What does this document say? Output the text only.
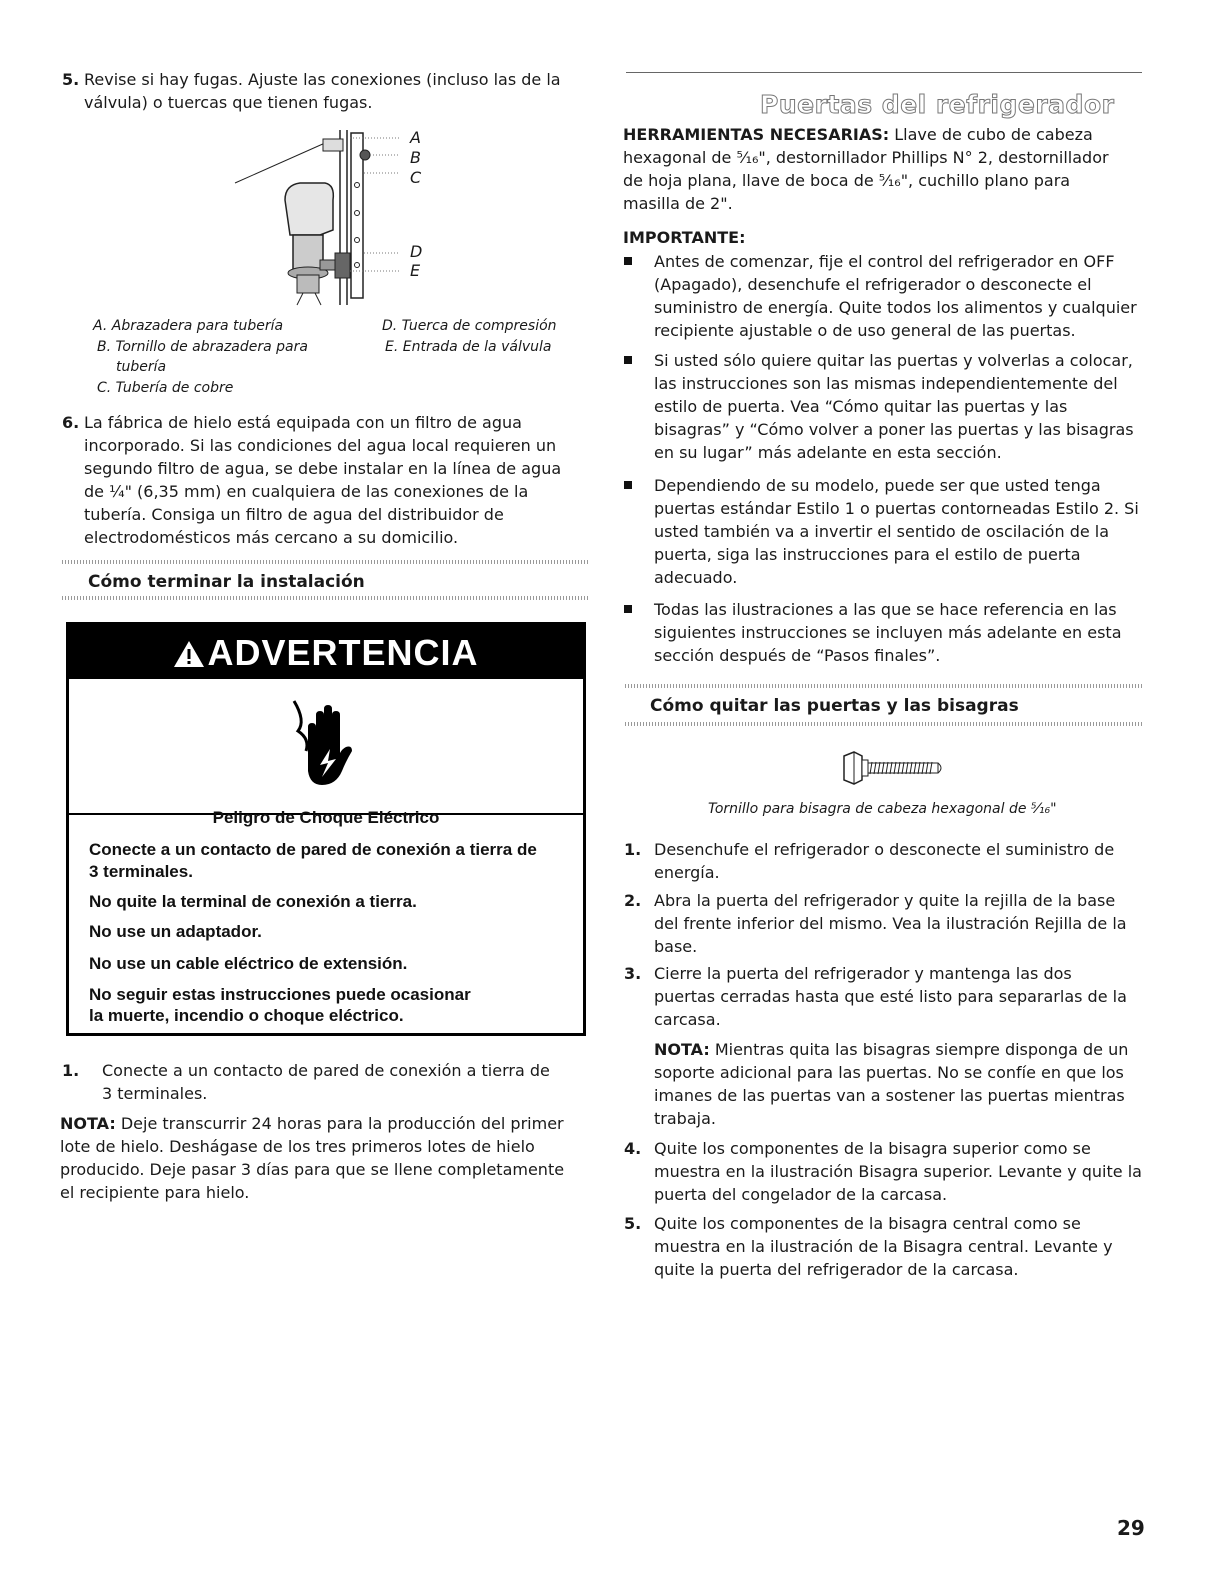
5. Revise si hay fugas. Ajuste las conexiones (incluso las de la
válvula) o tuercas que tienen fugas.
A
B
C
D
E
A. Abrazadera para tubería
B. Tornillo de abrazadera para
tubería
C. Tubería de cobre
D. Tuerca de compresión
E. Entrada de la válvula
6. La fábrica de hielo está equipada con un filtro de agua
incorporado. Si las condiciones del agua local requieren un
segundo filtro de agua, se debe instalar en la línea de agua
de ¼" (6,35 mm) en cualquiera de las conexiones de la
tubería. Consiga un filtro de agua del distribuidor de
electrodomésticos más cercano a su domicilio.
Cómo terminar la instalación
ADVERTENCIA
Peligro de Choque Eléctrico
Conecte a un contacto de pared de conexión a tierra de
3 terminales.
No quite la terminal de conexión a tierra.
No use un adaptador.
No use un cable eléctrico de extensión.
No seguir estas instrucciones puede ocasionar
la muerte, incendio o choque eléctrico.
1. Conecte a un contacto de pared de conexión a tierra de
3 terminales.
NOTA: Deje transcurrir 24 horas para la producción del primer
lote de hielo. Deshágase de los tres primeros lotes de hielo
producido. Deje pasar 3 días para que se llene completamente
el recipiente para hielo.
Puertas del refrigerador
HERRAMIENTAS NECESARIAS: Llave de cubo de cabeza
hexagonal de ⁵⁄₁₆", destornillador Phillips N° 2, destornillador
de hoja plana, llave de boca de ⁵⁄₁₆", cuchillo plano para
masilla de 2".
IMPORTANTE:
Antes de comenzar, fije el control del refrigerador en OFF
(Apagado), desenchufe el refrigerador o desconecte el
suministro de energía. Quite todos los alimentos y cualquier
recipiente ajustable o de uso general de las puertas.
Si usted sólo quiere quitar las puertas y volverlas a colocar,
las instrucciones son las mismas independientemente del
estilo de puerta. Vea “Cómo quitar las puertas y las
bisagras” y “Cómo volver a poner las puertas y las bisagras
en su lugar” más adelante en esta sección.
Dependiendo de su modelo, puede ser que usted tenga
puertas estándar Estilo 1 o puertas contorneadas Estilo 2. Si
usted también va a invertir el sentido de oscilación de la
puerta, siga las instrucciones para el estilo de puerta
adecuado.
Todas las ilustraciones a las que se hace referencia en las
siguientes instrucciones se incluyen más adelante en esta
sección después de “Pasos finales”.
Cómo quitar las puertas y las bisagras
Tornillo para bisagra de cabeza hexagonal de ⁵⁄₁₆"
1. Desenchufe el refrigerador o desconecte el suministro de
energía.
2. Abra la puerta del refrigerador y quite la rejilla de la base
del frente inferior del mismo. Vea la ilustración Rejilla de la
base.
3. Cierre la puerta del refrigerador y mantenga las dos
puertas cerradas hasta que esté listo para separarlas de la
carcasa.
NOTA: Mientras quita las bisagras siempre disponga de un
soporte adicional para las puertas. No se confíe en que los
imanes de las puertas van a sostener las puertas mientras
trabaja.
4. Quite los componentes de la bisagra superior como se
muestra en la ilustración Bisagra superior. Levante y quite la
puerta del congelador de la carcasa.
5. Quite los componentes de la bisagra central como se
muestra en la ilustración de la Bisagra central. Levante y
quite la puerta del refrigerador de la carcasa.
29
